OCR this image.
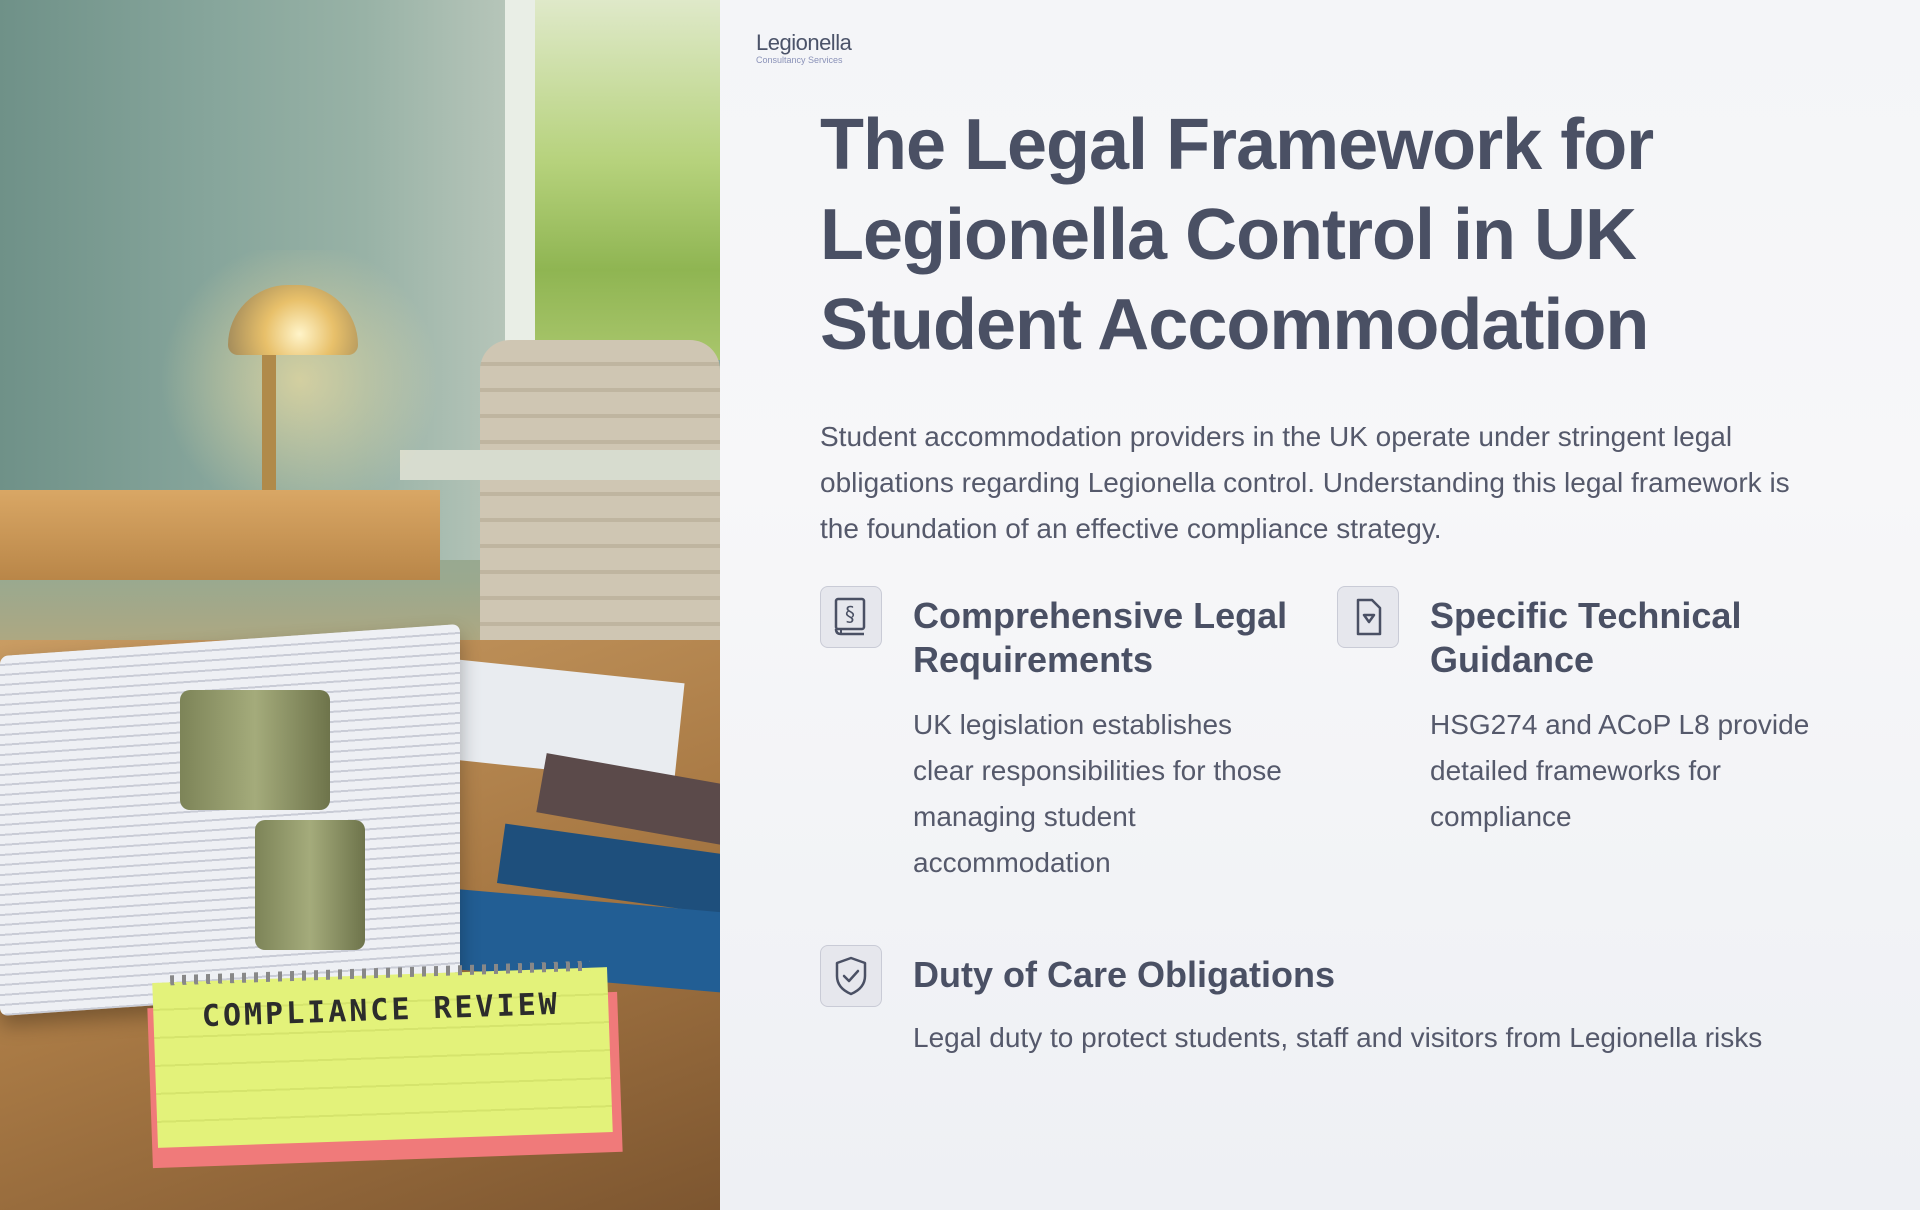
COMPLIANCE REVIEW
Legionella
Consultancy Services
The Legal Framework for Legionella Control in UK Student Accommodation

Student accommodation providers in the UK operate under stringent legal obligations regarding Legionella control. Understanding this legal framework is the foundation of an effective compliance strategy.

§ Comprehensive Legal Requirements

UK legislation establishes clear responsibilities for those managing student accommodation

Specific Technical Guidance

HSG274 and ACoP L8 provide detailed frameworks for compliance

Duty of Care Obligations

Legal duty to protect students, staff and visitors from Legionella risks
